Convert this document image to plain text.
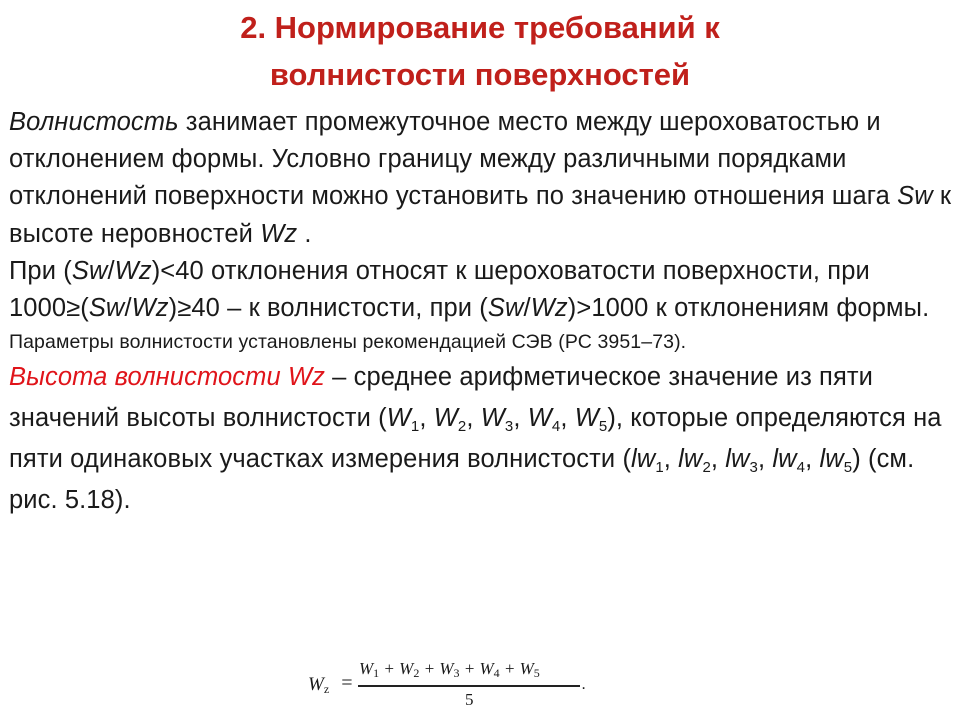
2. Нормирование требований к
волнистости поверхностей

Волнистость занимает промежуточное место между шероховатостью и отклонением формы. Условно границу между различными порядками отклонений поверхности можно установить по значению отношения шага Sw к высоте неровностей Wz .

При (Sw/Wz)<40 отклонения относят к шероховатости поверхности, при
1000≥(Sw/Wz)≥40 – к волнистости, при (Sw/Wz)>1000 к отклонениям формы.

Параметры волнистости установлены рекомендацией СЭВ (РС 3951–73).

Высота волнистости Wz – среднее арифметическое значение из пяти значений высоты волнистости ($W_1$, $W_2$, $W_3$, $W_4$, $W_5$), которые определяются на пяти одинаковых участках измерения волнистости ($lw_1$, $lw_2$, $lw_3$, $lw_4$, $lw_5$) (см. рис. 5.18).

$W_z$ =
$W_1 + W_2 + W_3 + W_4 + W_5$
5
.
